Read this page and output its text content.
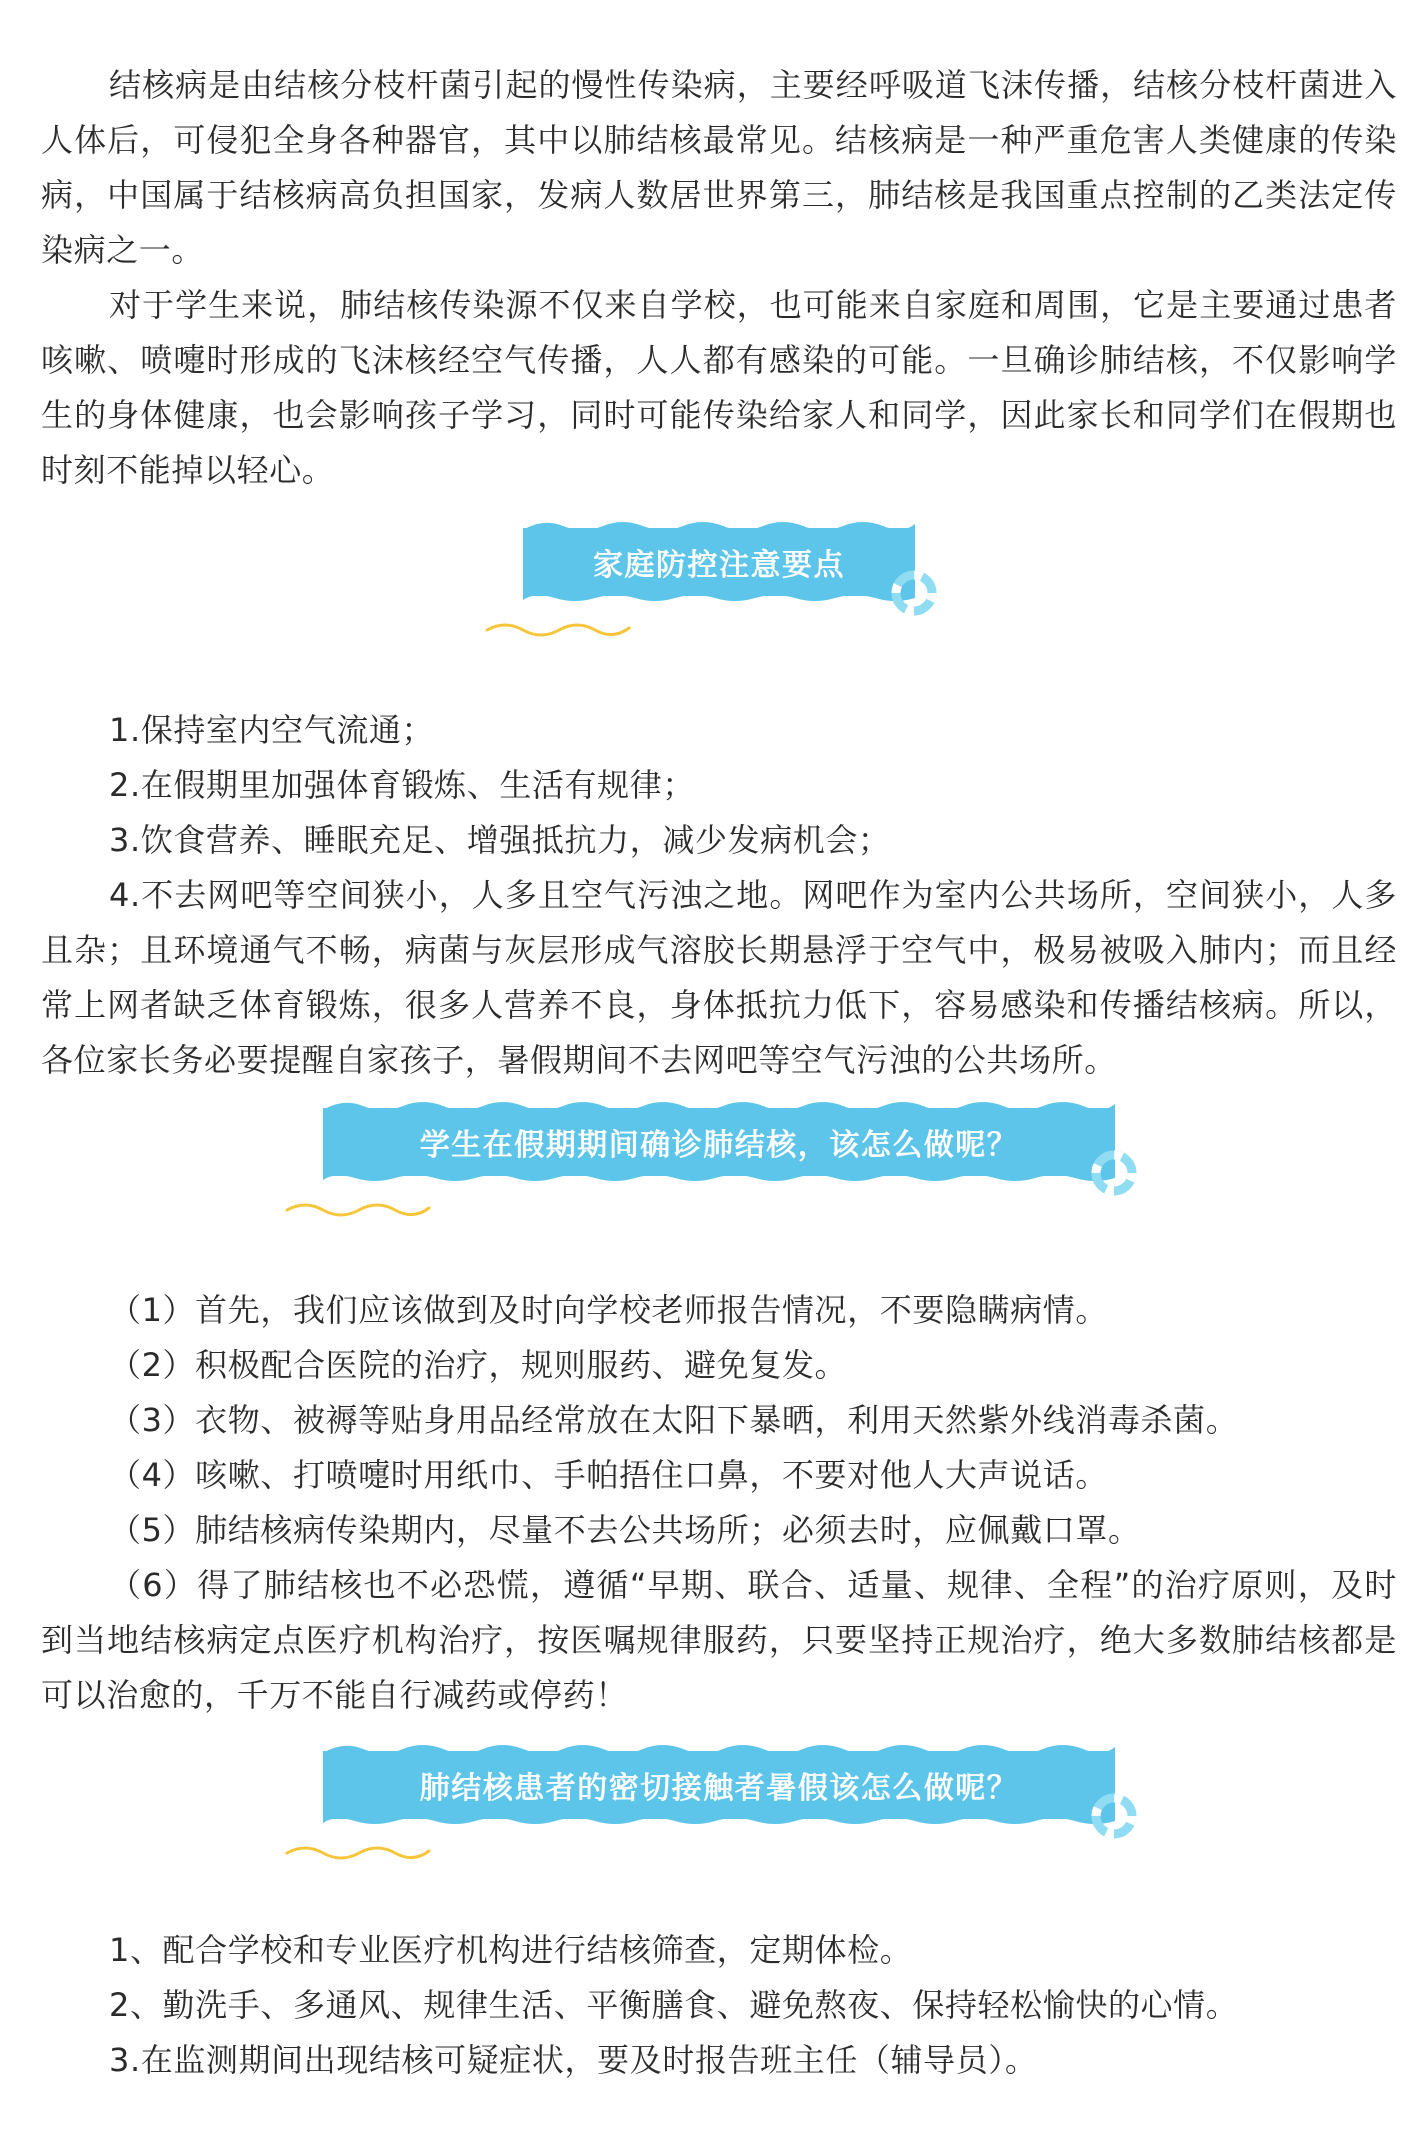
结核病是由结核分枝杆菌引起的慢性传染病，主要经呼吸道飞沫传播，结核分枝杆菌进入人体后，可侵犯全身各种器官，其中以肺结核最常见。结核病是一种严重危害人类健康的传染病，中国属于结核病高负担国家，发病人数居世界第三，肺结核是我国重点控制的乙类法定传染病之一。

对于学生来说，肺结核传染源不仅来自学校，也可能来自家庭和周围，它是主要通过患者咳嗽、喷嚏时形成的飞沫核经空气传播，人人都有感染的可能。一旦确诊肺结核，不仅影响学生的身体健康，也会影响孩子学习，同时可能传染给家人和同学，因此家长和同学们在假期也时刻不能掉以轻心。

家庭防控注意要点

1.保持室内空气流通；

2.在假期里加强体育锻炼、生活有规律；

3.饮食营养、睡眠充足、增强抵抗力，减少发病机会；

4.不去网吧等空间狭小，人多且空气污浊之地。网吧作为室内公共场所，空间狭小，人多且杂；且环境通气不畅，病菌与灰层形成气溶胶长期悬浮于空气中，极易被吸入肺内；而且经常上网者缺乏体育锻炼，很多人营养不良，身体抵抗力低下，容易感染和传播结核病。所以，各位家长务必要提醒自家孩子，暑假期间不去网吧等空气污浊的公共场所。

学生在假期期间确诊肺结核，该怎么做呢？

（1）首先，我们应该做到及时向学校老师报告情况，不要隐瞒病情。

（2）积极配合医院的治疗，规则服药、避免复发。

（3）衣物、被褥等贴身用品经常放在太阳下暴晒，利用天然紫外线消毒杀菌。

（4）咳嗽、打喷嚏时用纸巾、手帕捂住口鼻，不要对他人大声说话。

（5）肺结核病传染期内，尽量不去公共场所；必须去时，应佩戴口罩。

（6）得了肺结核也不必恐慌，遵循“早期、联合、适量、规律、全程”的治疗原则，及时到当地结核病定点医疗机构治疗，按医嘱规律服药，只要坚持正规治疗，绝大多数肺结核都是可以治愈的，千万不能自行减药或停药！

肺结核患者的密切接触者暑假该怎么做呢？

1、配合学校和专业医疗机构进行结核筛查，定期体检。

2、勤洗手、多通风、规律生活、平衡膳食、避免熬夜、保持轻松愉快的心情。

3.在监测期间出现结核可疑症状，要及时报告班主任（辅导员）。
